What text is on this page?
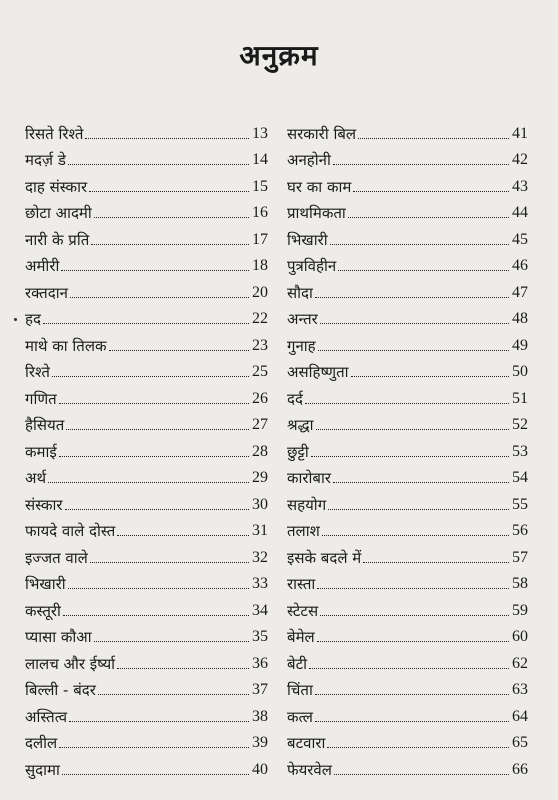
अनुक्रम
रिसते रिश्ते	13
मदर्ज़ डे	14
दाह संस्कार	15
छोटा आदमी	16
नारी के प्रति	17
अमीरी	18
रक्तदान	20
हद	22
माथे का तिलक	23
रिश्ते	25
गणित	26
हैसियत	27
कमाई	28
अर्थ	29
संस्कार	30
फायदे वाले दोस्त	31
इज्जत वाले	32
भिखारी	33
कस्तूरी	34
प्यासा कौआ	35
लालच और ईर्ष्या	36
बिल्ली - बंदर	37
अस्तित्व	38
दलील	39
सुदामा	40
सरकारी बिल	41
अनहोनी	42
घर का काम	43
प्राथमिकता	44
भिखारी	45
पुत्रविहीन	46
सौदा	47
अन्तर	48
गुनाह	49
असहिष्णुता	50
दर्द	51
श्रद्धा	52
छुट्टी	53
कारोबार	54
सहयोग	55
तलाश	56
इसके बदले में	57
रास्ता	58
स्टेटस	59
बेमेल	60
बेटी	62
चिंता	63
कत्ल	64
बटवारा	65
फेयरवेल	66
